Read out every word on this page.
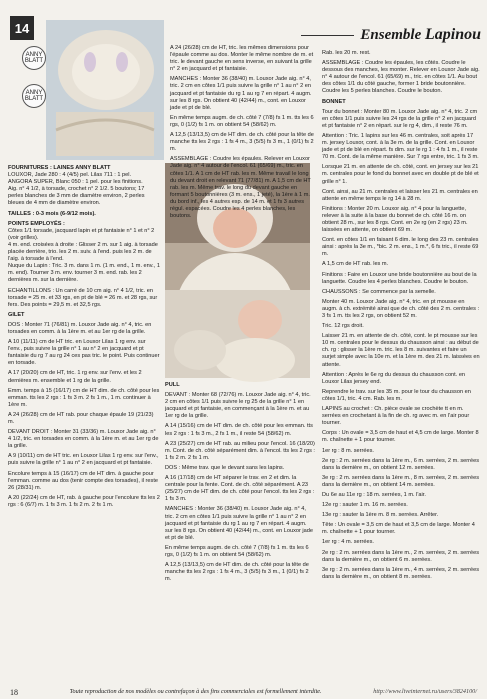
14
ANNY BLATT
ANNY BLATT
Ensemble Lapinou

FOURNITURES : LAINES ANNY BLATT
LOUXOR, Jade 280 : 4 (4/5) pel. Lilas 711 : 1 pel.
ANGORA SUPER, Blanc 050 : 1 pel. pour les finitions.
Aig. n° 4 1/2, à torsade, crochet n° 2 1/2. 5 boutons; 17 perles blanches de 3 mm de diamètre environ, 2 perles bleues de 4 mm de diamètre environ.

TAILLES : 0-3 mois (6-9/12 mois).

POINTS EMPLOYÉS :
Côtes 1/1 torsade, jacquard lapin et pt fantaisie n° 1 et n° 2 (voir grilles).
4 m. end. croisées à droite : Glisser 2 m. sur 1 aig. à torsade placée derrière, trio. les 2 m. suiv. à l'end. puis les 2 m. de l'aig. à torsade à l'end.
Nuque du Lapin : Tric. 3 m. dans 1 m. (1 m. end., 1 m. env., 1 m. end). Tourner 3 m. env. tourner 3 m. end. rab. les 2 dernières m. sur la dernière.

ECHANTILLONS : Un carré de 10 cm aig. n° 4 1/2, tric. en torsade = 25 m. et 33 rgs, en pt de blé = 26 m. et 28 rgs, sur fers. Des points = 29,5 m. et 32,5 rgs.

GILET

DOS : Monter 71 (76/81) m. Louxor Jade aig. n° 4, tric. en torsades en comm. à la 1ère m. et au 1er rg de la grille.

A 10 (11/11) cm de HT tric. en Louxor Lilas 1 rg env. sur l'env., puis suivre la grille n° 1 au n° 2 en jacquard et pt fantaisie du rg 7 au rg 24 ces pas tric. le point. Puis continuer en torsade.

A 17 (20/20) cm de HT, tric. 1 rg env. sur l'env. et les 2 dernières m. ensemble et 1 rg de la grille.

Emm. temps à 15 (16/17) cm de HT dim. de ch. côté pour les emman. tts les 2 rgs : 1 fs 3 m. 2 fs 1 m., 1 m. continuer à 1ère m.

A 24 (26/28) cm de HT rab. pour chaque épaule 19 (21/23) m.

DEVANT DROIT : Monter 31 (33/36) m. Louxor Jade aig. n° 4 1/2, tric. en torsades en comm. à la 1ère m. et au 1er rg de la grille.

A 9 (10/11) cm de HT tric. en Louxor Lilas 1 rg env. sur l'env., puis suivre la grille n° 1 au n° 2 en jacquard et pt fantaisie.

Encolure temps à 15 (16/17) cm de HT dim. à gauche pour l'emman. comme au dos (tenir compte des torsades), il reste 26 (28/31) m.

A 20 (22/24) cm de HT, rab. à gauche pour l'encolure tts les 2 rgs : 6 (6/7) m. 1 fs 3 m. 1 fs 2 m. 2 fs 1 m.

A 24 (26/28) cm de HT, tric. les mêmes dimensions pour l'épaule comme au dos. Monter le même nombre de m. et tric. le devant gauche en sens inverse, en suivant la grille n° 2 en jacquard et pt fantaisie.

MANCHES : Monter 36 (38/40) m. Louxor Jade aig. n° 4, tric. 2 cm en côtes 1/1 puis suivre la grille n° 1 au n° 2 en jacquard et pt fantaisie du rg 1 au rg 7 en répart. 4 augm. sur les 8 rgs. On obtient 40 (42/44) m., cont. en Louxor jade et pt de blé.

En même temps augm. de ch. côté 7 (7/8) fs 1 m. tts les 6 rgs, 0 (1/2) fs 1 m. on obtient 54 (58/62) m.

A 12,5 (13/13,5) cm de HT dim. de ch. côté pour la tête de manche tts les 2 rgs : 1 fs 4 m., 3 (5/5) fs 3 m., 1 (0/1) fs 2 m.

ASSEMBLAGE : Coudre les épaules. Relever en Louxor Jade aig. n° 4 autour de l'encol. 61 (65/69) m., tric. en côtes 1/1. A 1 cm de HT rab. les m. Même travail le long du devant droit en relevant 71 (77/81) m. A 1,5 cm de HT rab. les m. Même trav. le long du devant gauche en formant 5 boutonnières (3 m. ens., 1 jeté), la 1ère à 1 m. du bord inf., les 4 autres esp. de 14 m. et 1 fs 3 autres régul. espacées. Coudre les 4 perles blanches, les boutons.

PULL

DEVANT : Monter 68 (72/76) m. Louxor Jade aig. n° 4, tric. 2 cm en côtes 1/1 puis suivre le rg 25 de la grille n° 1 en jacquard et pt fantaisie, en commençant à la 1ère m. et au 1er rg de la grille.

A 14 (15/16) cm de HT dim. de ch. côté pour les emman. tts les 2 rgs : 1 fs 3 m., 2 fs 1 m., il reste 54 (58/62) m.

A 23 (25/27) cm de HT rab. au milieu pour l'encol. 16 (18/20) m. Cont. de ch. côté séparément dim. à l'encol. tts les 2 rgs : 1 fs 2 m. 2 fs 1 m.

DOS : Même trav. que le devant sans les lapins.

A 16 (17/18) cm de HT séparer le trav. en 2 et dim. la centrale pour la fente. Cont. de ch. côté séparément. A 23 (25/27) cm de HT dim. de ch. côté pour l'encol. tts les 2 rgs : 1 fs 3 m.

MANCHES : Monter 36 (38/40) m. Louxor Jade aig. n° 4, tric. 2 cm en côtes 1/1 puis suivre la grille n° 1 au n° 2 en jacquard et pt fantaisie du rg 1 au rg 7 en répart. 4 augm. sur les 8 rgs. On obtient 40 (42/44) m., cont. en Louxor jade et pt de blé.

En même temps augm. de ch. côté 7 (7/8) fs 1 m. tts les 6 rgs, 0 (1/2) fs 1 m. on obtient 54 (58/62) m.

A 12,5 (13/13,5) cm de HT dim. de ch. côté pour la tête de manche tts les 2 rgs : 1 fs 4 m., 3 (5/5) fs 3 m., 1 (0/1) fs 2 m.

Rab. les 20 m. rest.

ASSEMBLAGE : Coudre les épaules, les côtés. Coudre le dessous des manches, les monter. Relever en Louxor Jade aig. n° 4 autour de l'encol. 61 (65/69) m., tric. en côtes 1/1. Au bout des côtes 1/1 du côté gauche, former 1 bride boutonnière. Coudre les 5 perles blanches. Coudre le bouton.

BONNET

Tour du bonnet : Monter 80 m. Louxor Jade aig. n° 4, tric. 2 cm en côtes 1/1 puis suivre les 24 rgs de la grille n° 2 en jacquard et pt fantaisie n° 2 en répart. sur le rg 4, dim., il reste 76 m.

Attention : Tric. 1 lapins sur les 46 m. centrales, soit après 17 m. jersey Louxor, cont. à la 3e m. de la grille. Cont. en Louxor jade et pt de blé en répart. fs dim. sur le rg 1 : 4 fs 1 m., il reste 70 m. Cont. de la même manière. Sur 7 rgs entre, tric. 1 fs 3 m.

Lorsque 21 m. en attente de ch. côté, cont. en jersey sur les 21 m. centrales pour le fond du bonnet avec en double pt de blé et grille n° 1.

Cont. ainsi, au 21 m. centrales et laisser les 21 m. centrales en attente en même temps le rg 14 à 28 m.

Finitions : Monter 20 m. Louxor aig. n° 4 pour la languette, relever à la suite à la base du bonnet de ch. côté 16 m. on obtient 28 m., sur les 8 rgs. Cont. en 2e rg (en 2 rgs) 23 m. laissées en attente, on obtient 69 m.

Cont. en côtes 1/1 en faisant 6 dim. le long des 23 m. centrales ainsi : après la 3e m., *bic. 2 m. ens., 1 m.*, 6 fs tric., il reste 69 m.

A 1,5 cm de HT rab. les m.

Finitions : Faire en Louxor une bride boutonnière au bout de la languette. Coudre les 4 perles blanches. Coudre le bouton.

CHAUSSONS : Se commence par la semelle.

Monter 40 m. Louxor Jade aig. n° 4, tric. en pt mousse en augm. à ch. extrémité ainsi que de ch. côté des 2 m. centrales : 3 fs 1 m. tts les 2 rgs, on obtient 52 m.

Tric. 12 rgs droit.

Laisser 21 m. en attente de ch. côté, cont. le pt mousse sur les 10 m. centrales pour le dessus du chausson ainsi : au début de ch. rg : glisser la 1ère m. tric. les 8 m. suivantes et faire un surjet simple avec la 10e m. et la 1ère m. des 21 m. laissées en attente.

Attention : Après le 6e rg du dessus du chausson cont. en Louxor Lilas jersey end.

Reprendre le trav. sur les 35 m. pour le tour du chausson en côtes 1/1, tric. 4 cm. Rab. les m.

LAPINS au crochet : Ch. pièce ovale se crochète tt en m. serrées en crochetant à la fin de ch. rg avec m. en l'air pour tourner.

Corps : Un ovale = 3,5 cm de haut et 4,5 cm de large. Monter 8 m. chaînette + 1 pour tourner.

1er rg : 8 m. serrées.

2e rg : 2 m. serrées dans la 1ère m., 6 m. serrées, 2 m. serrées dans la dernière m., on obtient 12 m. serrées.

3e rg : 2 m. serrées dans la 1ère m., 8 m. serrées, 2 m. serrées dans la dernière m., on obtient 14 m. serrées.

Du 6e au 11e rg : 18 m. serrées, 1 m. l'air.

12e rg : sauter 1 m. 16 m. serrées.

13e rg : sauter la 1ère m. 8 m. serrées. Arrêter.

Tête : Un ovale = 3,5 cm de haut et 3,5 cm de large. Monter 4 m. chaînette + 1 pour tourner.

1er rg : 4 m. serrées.

2e rg : 2 m. serrées dans la 1ère m., 2 m. serrées, 2 m. serrées dans la dernière m., on obtient 6 m. serrées.

3e rg : 2 m. serrées dans la 1ère m., 4 m. serrées, 2 m. serrées dans la dernière m., on obtient 8 m. serrées.

18	Toute reproduction de nos modèles ou contrefaçon à des fins commerciales est formellement interdite.	http://www.liveinternet.ru/users/3824100/
